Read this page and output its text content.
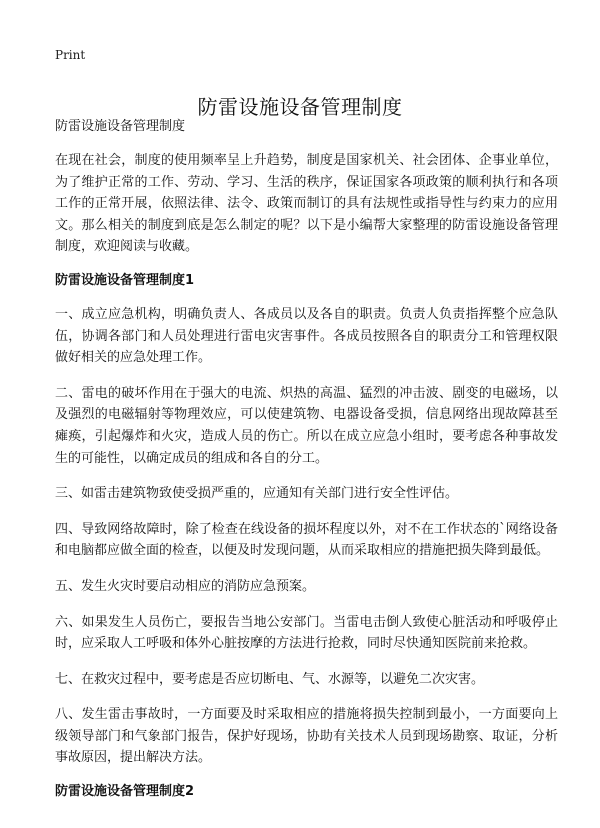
Print
防雷设施设备管理制度

防雷设施设备管理制度

在现在社会，制度的使用频率呈上升趋势，制度是国家机关、社会团体、企事业单位，为了维护正常的工作、劳动、学习、生活的秩序，保证国家各项政策的顺利执行和各项工作的正常开展，依照法律、法令、政策而制订的具有法规性或指导性与约束力的应用文。那么相关的制度到底是怎么制定的呢？以下是小编帮大家整理的防雷设施设备管理制度，欢迎阅读与收藏。

防雷设施设备管理制度1

一、成立应急机构，明确负责人、各成员以及各自的职责。负责人负责指挥整个应急队伍，协调各部门和人员处理进行雷电灾害事件。各成员按照各自的职责分工和管理权限做好相关的应急处理工作。

二、雷电的破坏作用在于强大的电流、炽热的高温、猛烈的冲击波、剧变的电磁场，以及强烈的电磁辐射等物理效应，可以使建筑物、电器设备受损，信息网络出现故障甚至瘫痪，引起爆炸和火灾，造成人员的伤亡。所以在成立应急小组时，要考虑各种事故发生的可能性，以确定成员的组成和各自的分工。

三、如雷击建筑物致使受损严重的，应通知有关部门进行安全性评估。

四、导致网络故障时，除了检查在线设备的损坏程度以外，对不在工作状态的`网络设备和电脑都应做全面的检查，以便及时发现问题，从而采取相应的措施把损失降到最低。

五、发生火灾时要启动相应的消防应急预案。

六、如果发生人员伤亡，要报告当地公安部门。当雷电击倒人致使心脏活动和呼吸停止时，应采取人工呼吸和体外心脏按摩的方法进行抢救，同时尽快通知医院前来抢救。

七、在救灾过程中，要考虑是否应切断电、气、水源等，以避免二次灾害。

八、发生雷击事故时，一方面要及时采取相应的措施将损失控制到最小，一方面要向上级领导部门和气象部门报告，保护好现场，协助有关技术人员到现场勘察、取证，分析事故原因，提出解决方法。

防雷设施设备管理制度2
